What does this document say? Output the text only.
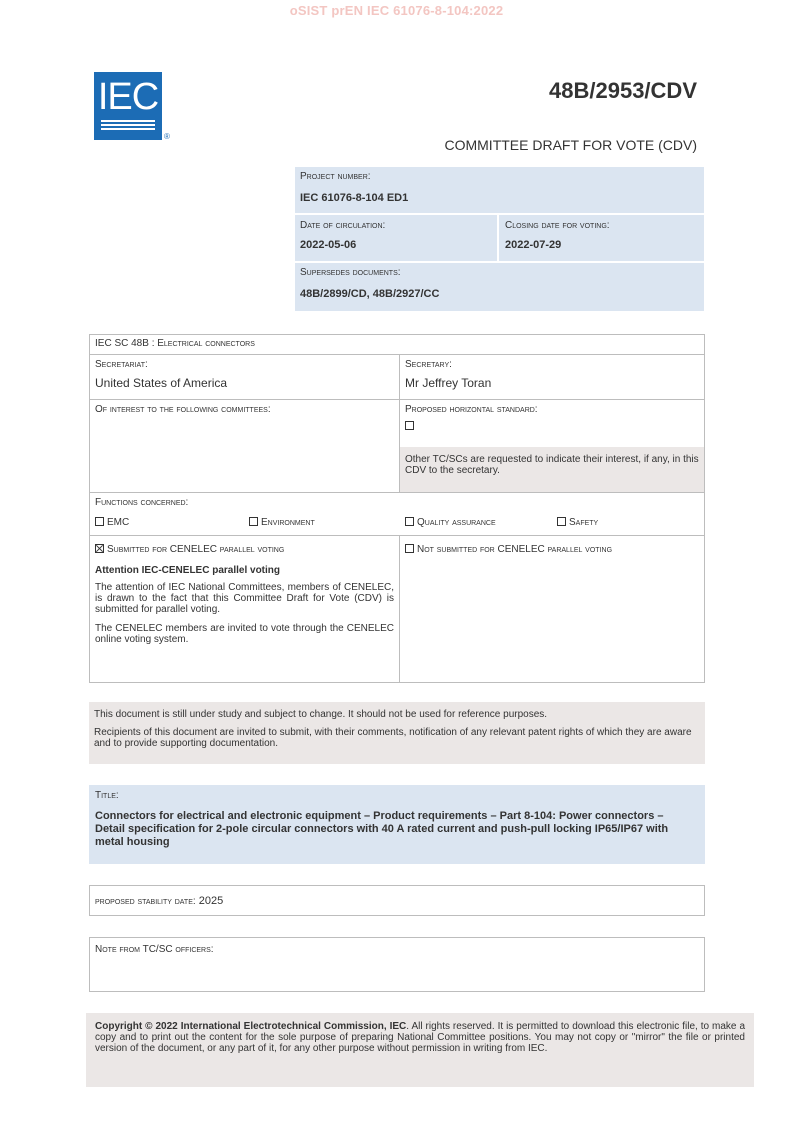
oSIST prEN IEC 61076-8-104:2022
IEC
®
48B/2953/CDV
COMMITTEE DRAFT FOR VOTE (CDV)
Project number:
IEC 61076-8-104 ED1
Date of circulation:
2022-05-06
Closing date for voting:
2022-07-29
Supersedes documents:
48B/2899/CD, 48B/2927/CC
IEC SC 48B : Electrical connectors
Secretariat:
United States of America
Secretary:
Mr Jeffrey Toran
Of interest to the following committees:	Proposed horizontal standard:
Other TC/SCs are requested to indicate their interest, if any, in this CDV to the secretary.
Functions concerned:
EMC	Environment	Quality assurance	Safety
Submitted for CENELEC parallel voting
Attention IEC-CENELEC parallel voting
The attention of IEC National Committees, members of CENELEC, is drawn to the fact that this Committee Draft for Vote (CDV) is submitted for parallel voting.
The CENELEC members are invited to vote through the CENELEC online voting system.
Not submitted for CENELEC parallel voting
This document is still under study and subject to change. It should not be used for reference purposes.
Recipients of this document are invited to submit, with their comments, notification of any relevant patent rights of which they are aware and to provide supporting documentation.
Title:
Connectors for electrical and electronic equipment – Product requirements – Part 8-104: Power connectors – Detail specification for 2-pole circular connectors with 40 A rated current and push-pull locking IP65/IP67 with metal housing
proposed stability date: 2025
Note from TC/SC officers:
Copyright © 2022 International Electrotechnical Commission, IEC. All rights reserved. It is permitted to download this electronic file, to make a copy and to print out the content for the sole purpose of preparing National Committee positions. You may not copy or "mirror" the file or printed version of the document, or any part of it, for any other purpose without permission in writing from IEC.
